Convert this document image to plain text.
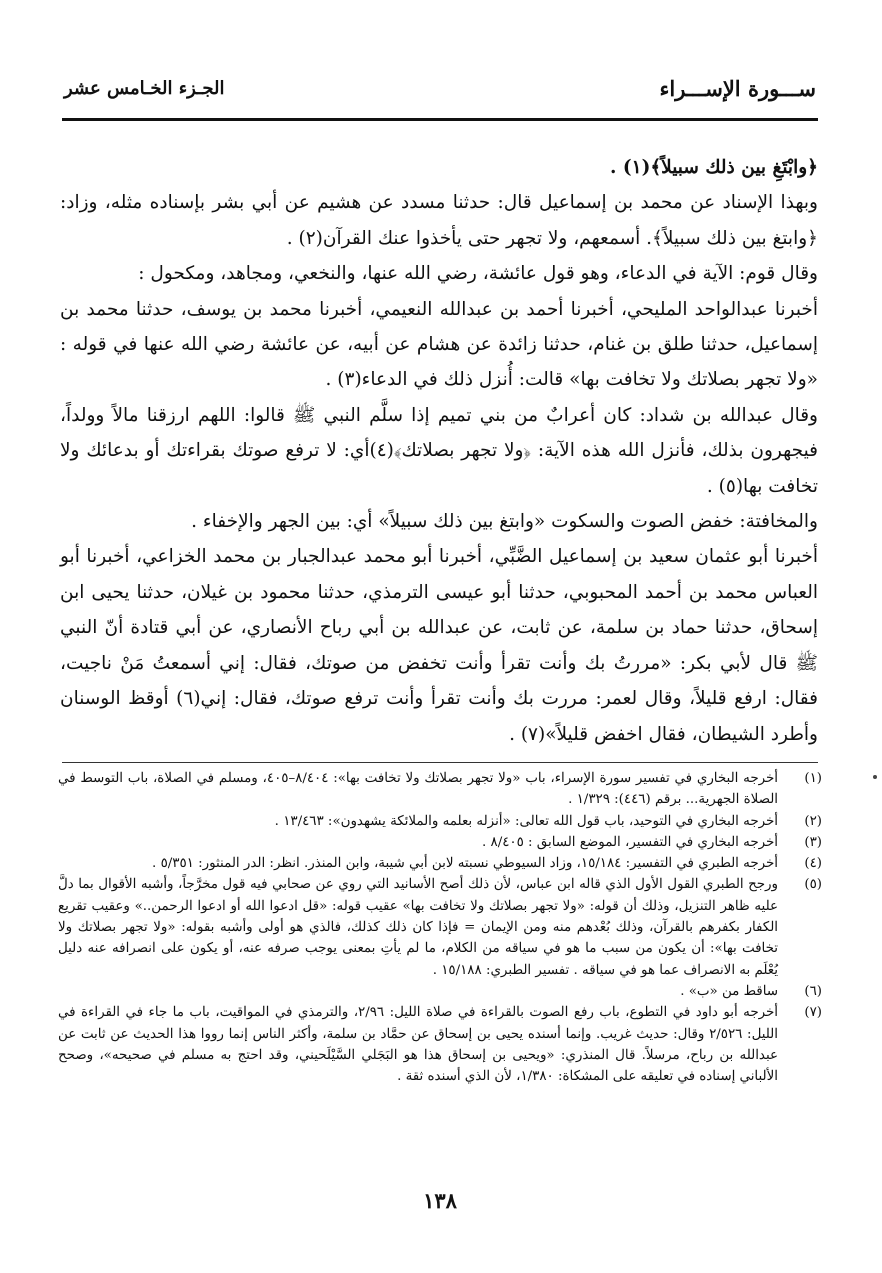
ســـورة الإســـراء
الجـزء الخـامس عشر

﴿وابْتَغِ بين ذلك سبيلاً﴾(١) .

وبهذا الإسناد عن محمد بن إسماعيل قال: حدثنا مسدد عن هشيم عن أبي بشر بإسناده مثله، وزاد: ﴿وابتغ بين ذلك سبيلاً﴾. أسمعهم، ولا تجهر حتى يأخذوا عنك القرآن(٢) .

وقال قوم: الآية في الدعاء، وهو قول عائشة، رضي الله عنها، والنخعي، ومجاهد، ومكحول :

أخبرنا عبدالواحد المليحي، أخبرنا أحمد بن عبدالله النعيمي، أخبرنا محمد بن يوسف، حدثنا محمد بن إسماعيل، حدثنا طلق بن غنام، حدثنا زائدة عن هشام عن أبيه، عن عائشة رضي الله عنها في قوله : «ولا تجهر بصلاتك ولا تخافت بها» قالت: أُنزل ذلك في الدعاء(٣) .

وقال عبدالله بن شداد: كان أعرابٌ من بني تميم إذا سلَّم النبي ﷺ قالوا: اللهم ارزقنا مالاً وولداً، فيجهرون بذلك، فأنزل الله هذه الآية: ﴿ولا تجهر بصلاتك﴾(٤)أي: لا ترفع صوتك بقراءتك أو بدعائك ولا تخافت بها(٥) .

والمخافتة: خفض الصوت والسكوت «وابتغ بين ذلك سبيلاً» أي: بين الجهر والإخفاء .

أخبرنا أبو عثمان سعيد بن إسماعيل الضَّبِّي، أخبرنا أبو محمد عبدالجبار بن محمد الخزاعي، أخبرنا أبو العباس محمد بن أحمد المحبوبي، حدثنا أبو عيسى الترمذي، حدثنا محمود بن غيلان، حدثنا يحيى ابن إسحاق، حدثنا حماد بن سلمة، عن ثابت، عن عبدالله بن أبي رباح الأنصاري، عن أبي قتادة أنّ النبي ﷺ قال لأبي بكر: «مررتُ بك وأنت تقرأ وأنت تخفض من صوتك، فقال: إني أسمعتُ مَنْ ناجيت، فقال: ارفع قليلاً، وقال لعمر: مررت بك وأنت تقرأ وأنت ترفع صوتك، فقال: إني(٦) أوقظ الوسنان وأطرد الشيطان، فقال اخفض قليلاً»(٧) .

(١)
أخرجه البخاري في تفسير سورة الإسراء، باب «ولا تجهر بصلاتك ولا تخافت بها»: ٨/٤٠٤–٤٠٥، ومسلم في الصلاة، باب التوسط في الصلاة الجهرية... برقم (٤٤٦): ١/٣٢٩ .
(٢)
أخرجه البخاري في التوحيد، باب قول الله تعالى: «أنزله بعلمه والملائكة يشهدون»: ١٣/٤٦٣ .
(٣)
أخرجه البخاري في التفسير، الموضع السابق : ٨/٤٠٥ .
(٤)
أخرجه الطبري في التفسير: ١٥/١٨٤، وزاد السيوطي نسبته لابن أبي شيبة، وابن المنذر. انظر: الدر المنثور: ٥/٣٥١ .
(٥)
ورجح الطبري القول الأول الذي قاله ابن عباس، لأن ذلك أصح الأسانيد التي روي عن صحابي فيه قول مخرَّجاً، وأشبه الأقوال بما دلَّ عليه ظاهر التنزيل، وذلك أن قوله: «ولا تجهر بصلاتك ولا تخافت بها» عقيب قوله: «قل ادعوا الله أو ادعوا الرحمن..» وعقيب تقريع الكفار بكفرهم بالقرآن، وذلك بُعْدهم منه ومن الإيمان = فإذا كان ذلك كذلك، فالذي هو أولى وأشبه بقوله: «ولا تجهر بصلاتك ولا تخافت بها»: أن يكون من سبب ما هو في سياقه من الكلام، ما لم يأتِ بمعنى يوجب صرفه عنه، أو يكون على انصرافه عنه دليل يُعْلَم به الانصراف عما هو في سياقه . تفسير الطبري: ١٥/١٨٨ .
(٦)
ساقط من «ب» .
(٧)
أخرجه أبو داود في التطوع، باب رفع الصوت بالقراءة في صلاة الليل: ٢/٩٦، والترمذي في المواقيت، باب ما جاء في القراءة في الليل: ٢/٥٢٦ وقال: حديث غريب. وإنما أسنده يحيى بن إسحاق عن حمَّاد بن سلمة، وأكثر الناس إنما رووا هذا الحديث عن ثابت عن عبدالله بن رباح، مرسلاً. قال المنذري: «ويحيى بن إسحاق هذا هو البَجَلي السَّيْلَحيني، وقد احتج به مسلم في صحيحه»، وصحح الألباني إسناده في تعليقه على المشكاة: ١/٣٨٠، لأن الذي أسنده ثقة .
١٣٨
